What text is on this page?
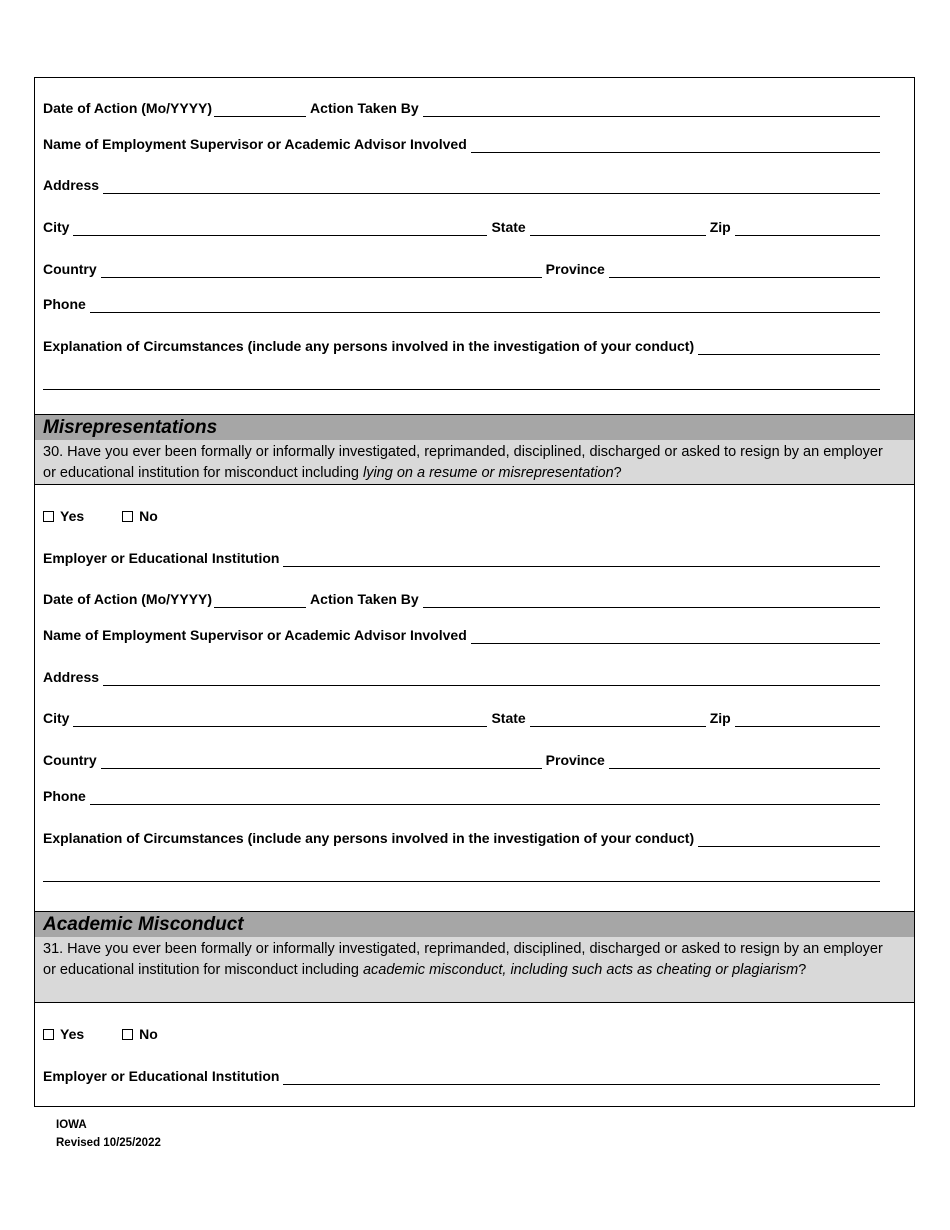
Date of Action (Mo/YYYY)	Action Taken By
Name of Employment Supervisor or Academic Advisor Involved
Address
City	State	Zip
Country	Province
Phone
Explanation of Circumstances (include any persons involved in the investigation of your conduct)
Misrepresentations
30. Have you ever been formally or informally investigated, reprimanded, disciplined, discharged or asked to resign by an employer or educational institution for misconduct including lying on a resume or misrepresentation?
Yes	No
Employer or Educational Institution
Date of Action (Mo/YYYY)	Action Taken By
Name of Employment Supervisor or Academic Advisor Involved
Address
City	State	Zip
Country	Province
Phone
Explanation of Circumstances (include any persons involved in the investigation of your conduct)
Academic Misconduct
31. Have you ever been formally or informally investigated, reprimanded, disciplined, discharged or asked to resign by an employer or educational institution for misconduct including academic misconduct, including such acts as cheating or plagiarism?
Yes	No
Employer or Educational Institution
IOWA
Revised 10/25/2022
